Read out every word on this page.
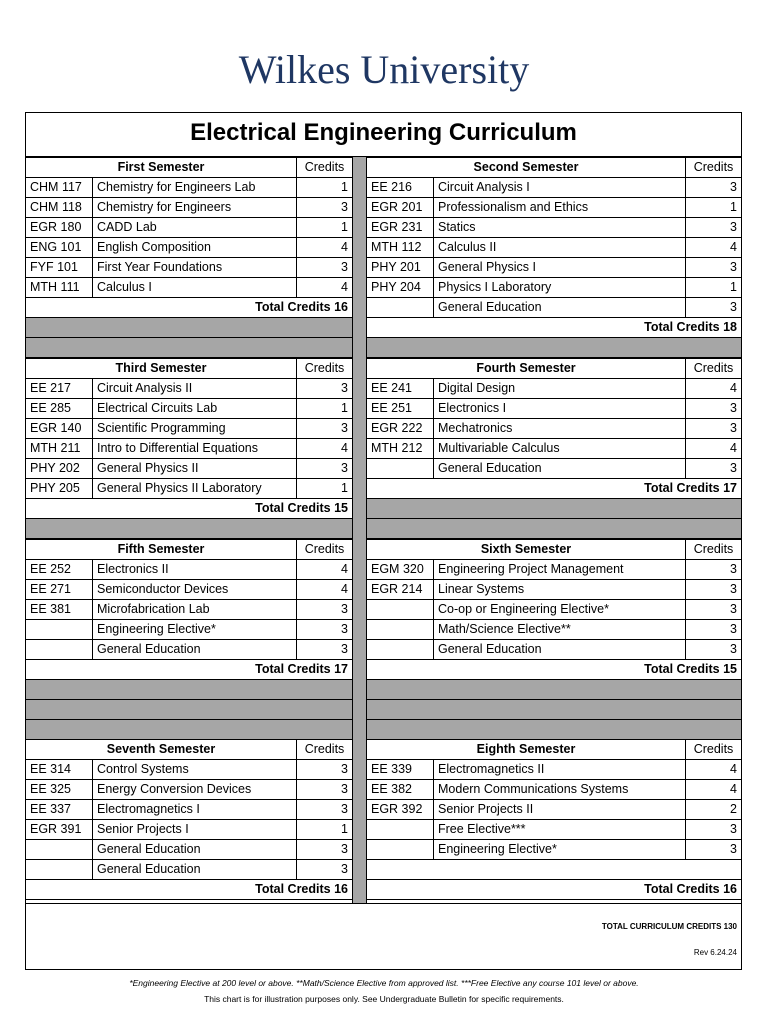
Wilkes University
Electrical Engineering Curriculum
First Semester		Credits
CHM 117	Chemistry for Engineers Lab	1
CHM 118	Chemistry for Engineers	3
EGR 180	CADD Lab	1
ENG 101	English Composition	4
FYF 101	First Year Foundations	3
MTH 111	Calculus I	4
Total Credits 16		

Second Semester		Credits
EE 216	Circuit Analysis I	3
EGR 201	Professionalism and Ethics	1
EGR 231	Statics	3
MTH 112	Calculus II	4
PHY 201	General Physics I	3
PHY 204	Physics I Laboratory	1
	General Education	3
Total Credits 18		

Third Semester		Credits
EE 217	Circuit Analysis II	3
EE 285	Electrical Circuits Lab	1
EGR 140	Scientific Programming	3
MTH 211	Intro to Differential Equations	4
PHY 202	General Physics II	3
PHY 205	General Physics II Laboratory	1
Total Credits 15		

Fourth Semester		Credits
EE 241	Digital Design	4
EE 251	Electronics I	3
EGR 222	Mechatronics	3
MTH 212	Multivariable Calculus	4
	General Education	3
Total Credits 17		

Fifth Semester		Credits
EE 252	Electronics II	4
EE 271	Semiconductor Devices	4
EE 381	Microfabrication Lab	3
	Engineering Elective*	3
	General Education	3
Total Credits 17		

Sixth Semester		Credits
EGM 320	Engineering Project Management	3
EGR 214	Linear Systems	3
	Co-op or Engineering Elective*	3
	Math/Science Elective**	3
	General Education	3
Total Credits 15		

Seventh Semester		Credits
EE 314	Control Systems	3
EE 325	Energy Conversion Devices	3
EE 337	Electromagnetics I	3
EGR 391	Senior Projects I	1
	General Education	3
	General Education	3
Total Credits 16		
Eighth Semester		Credits
EE 339	Electromagnetics II	4
EE 382	Modern Communications Systems	4
EGR 392	Senior Projects II	2
	Free Elective***	3
	Engineering Elective*	3

Total Credits 16		
TOTAL CURRICULUM CREDITS 130
Rev 6.24.24
*Engineering Elective at 200 level or above. **Math/Science Elective from approved list. ***Free Elective any course 101 level or above.
This chart is for illustration purposes only. See Undergraduate Bulletin for specific requirements.
